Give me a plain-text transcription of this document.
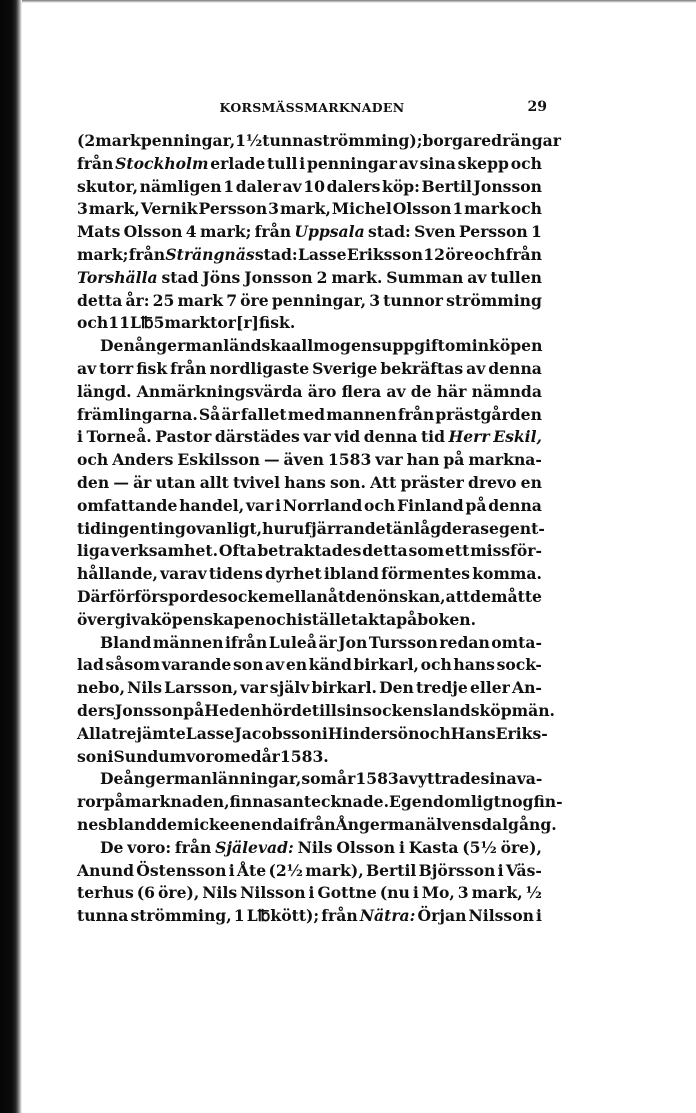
KORSMÄSSMARKNADEN	29
(2 mark penningar, 1½ tunna strömming); borgaredrängar
från Stockholm erlade tull i penningar av sina skepp och
skutor, nämligen 1 daler av 10 dalers köp: Bertil Jonsson
3 mark, Vernik Persson 3 mark, Michel Olsson 1 mark och
Mats Olsson 4 mark; från Uppsala stad: Sven Persson 1
mark; från Strängnäs stad: Lasse Eriksson 12 öre och från
Torshälla stad Jöns Jonsson 2 mark. Summan av tullen
detta år: 25 mark 7 öre penningar, 3 tunnor strömming
och 11 L℔ 5 mark tor[r]fisk.
Den ångermanländska allmogens uppgift om inköpen
av torr fisk från nordligaste Sverige bekräftas av denna
längd. Anmärkningsvärda äro flera av de här nämnda
främlingarna. Så är fallet med mannen från prästgården
i Torneå. Pastor därstädes var vid denna tid Herr Eskil,
och Anders Eskilsson — även 1583 var han på markna-
den — är utan allt tvivel hans son. Att präster drevo en
omfattande handel, var i Norrland och Finland på denna
tid ingenting ovanligt, huru fjärran det än låg deras egent-
liga verksamhet. Ofta betraktades detta som ett missför-
hållande, varav tidens dyrhet ibland förmentes komma.
Därför förspordes ock emellanåt den önskan, att de måtte
övergiva köpenskapen och i stället akta på boken.
Bland männen ifrån Luleå är Jon Tursson redan omta-
lad såsom varande son av en känd birkarl, och hans sock-
nebo, Nils Larsson, var själv birkarl. Den tredje eller An-
ders Jonsson på Heden hörde till sin sockens landsköpmän.
Alla tre jämte Lasse Jacobsson i Hindersön och Hans Eriks-
son i Sundum voro med år 1583.
De ångermanlänningar, som år 1583 avyttrade sina va-
ror på marknaden, finnas antecknade. Egendomligt nog fin-
nes bland dem icke en enda ifrån Ångermanälvens dalgång.
De voro: från Själevad: Nils Olsson i Kasta (5½ öre),
Anund Östensson i Åte (2½ mark), Bertil Björsson i Väs-
terhus (6 öre), Nils Nilsson i Gottne (nu i Mo, 3 mark, ½
tunna strömming, 1 L℔kött); från Nätra: Örjan Nilsson i
